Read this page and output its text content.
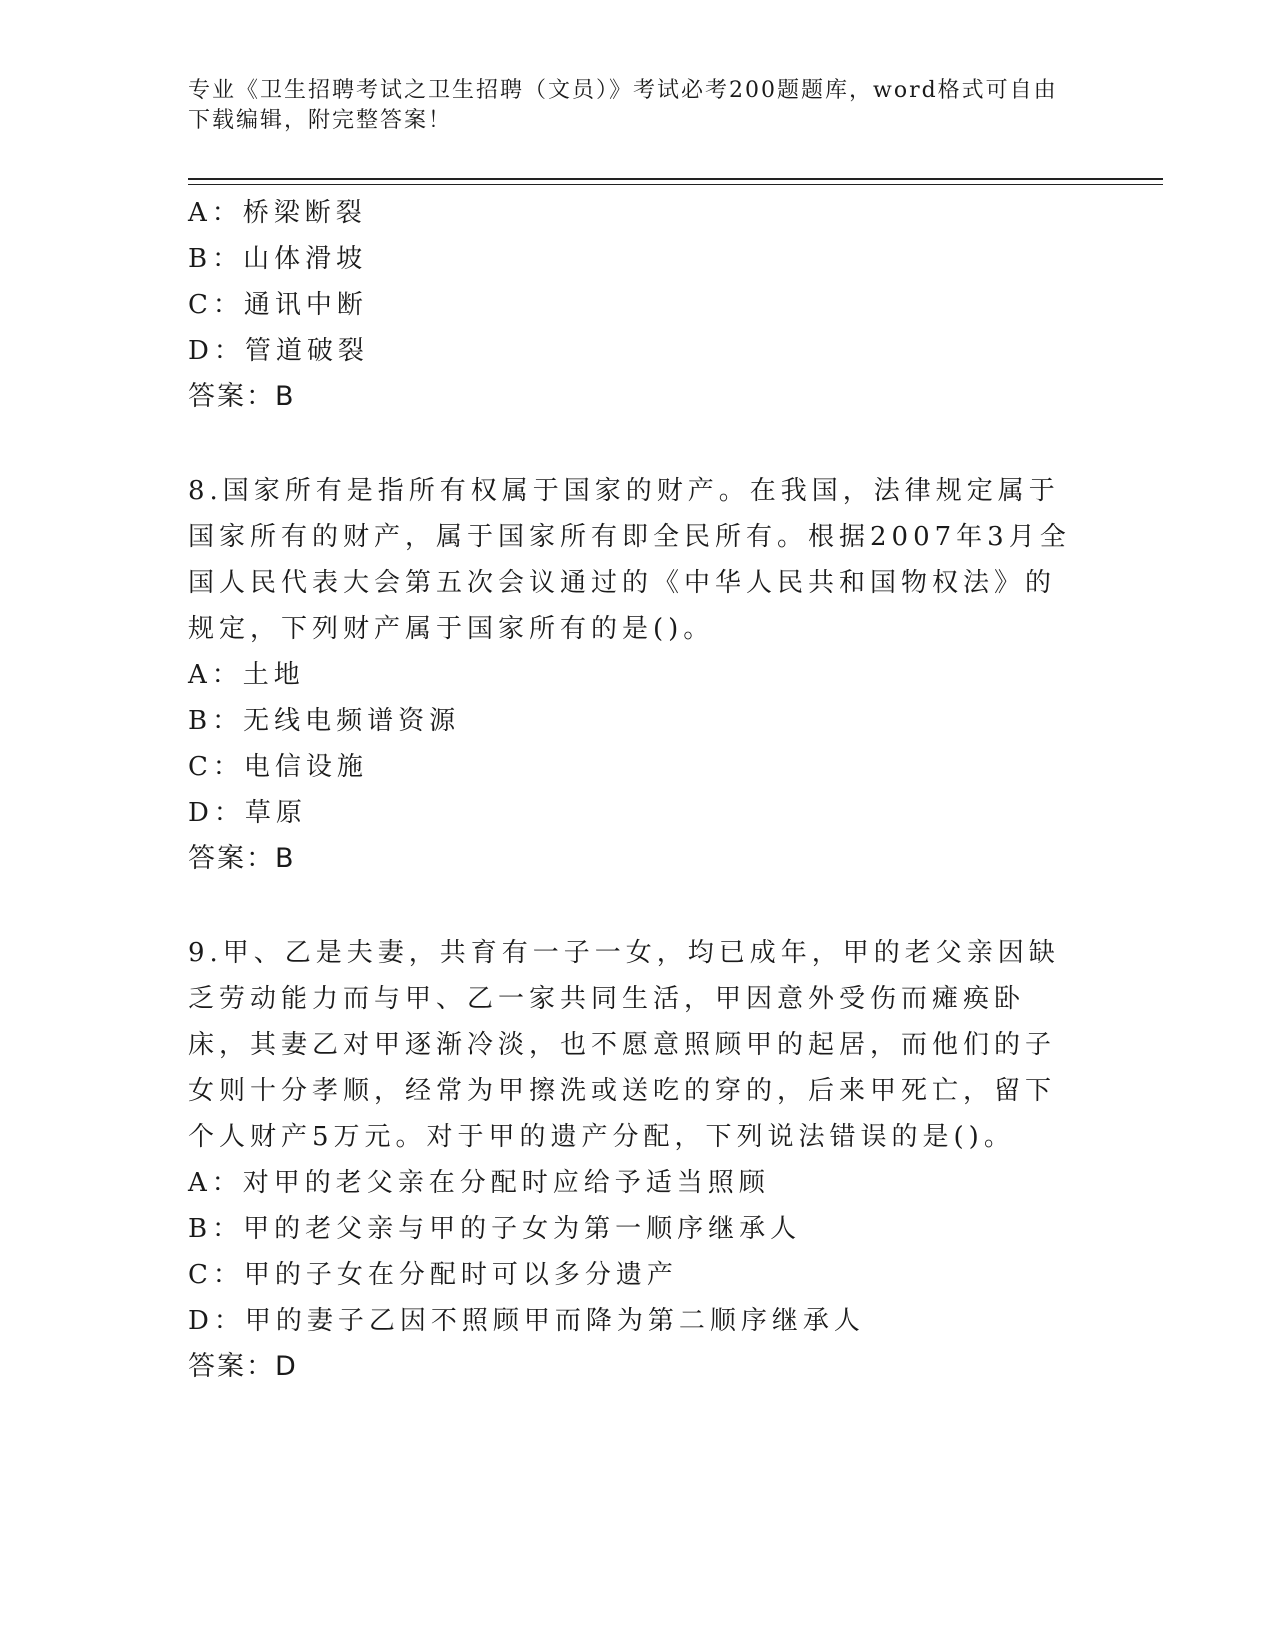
专业《卫生招聘考试之卫生招聘（文员）》考试必考200题题库，word格式可自由下载编辑，附完整答案！
A：桥梁断裂
B：山体滑坡
C：通讯中断
D：管道破裂
答案：B
8.国家所有是指所有权属于国家的财产。在我国，法律规定属于国家所有的财产，属于国家所有即全民所有。根据2007年3月全国人民代表大会第五次会议通过的《中华人民共和国物权法》的规定，下列财产属于国家所有的是()。
A：土地
B：无线电频谱资源
C：电信设施
D：草原
答案：B
9.甲、乙是夫妻，共育有一子一女，均已成年，甲的老父亲因缺乏劳动能力而与甲、乙一家共同生活，甲因意外受伤而瘫痪卧床，其妻乙对甲逐渐冷淡，也不愿意照顾甲的起居，而他们的子女则十分孝顺，经常为甲擦洗或送吃的穿的，后来甲死亡，留下个人财产5万元。对于甲的遗产分配，下列说法错误的是()。
A：对甲的老父亲在分配时应给予适当照顾
B：甲的老父亲与甲的子女为第一顺序继承人
C：甲的子女在分配时可以多分遗产
D：甲的妻子乙因不照顾甲而降为第二顺序继承人
答案：D
